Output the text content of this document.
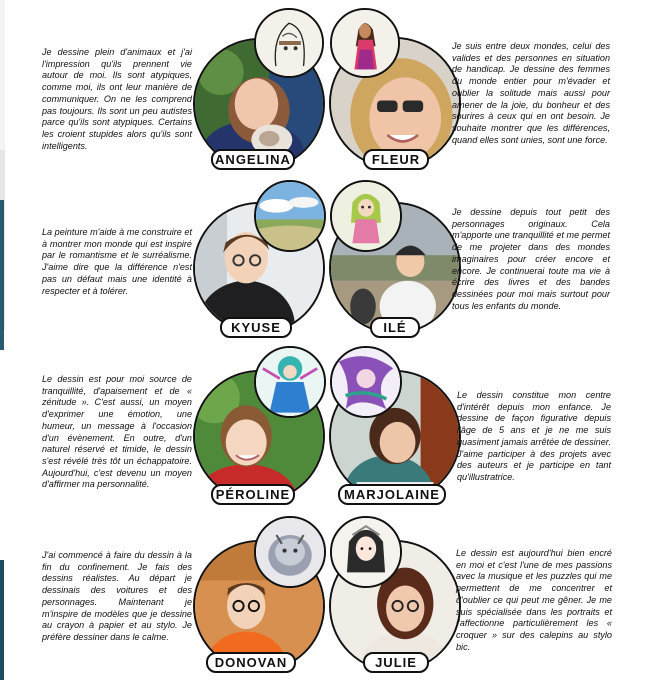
Je dessine plein d'animaux et j'ai l'impression qu'ils prennent vie autour de moi. Ils sont atypiques, comme moi, ils ont leur manière de communiquer. On ne les comprend pas toujours. Ils sont un peu autistes parce qu'ils sont atypiques. Certains les croient stupides alors qu'ils sont intelligents.

ANGELINA	FLEUR

Je suis entre deux mondes, celui des valides et des personnes en situation de handicap. Je dessine des femmes du monde entier pour m'évader et oublier la solitude mais aussi pour amener de la joie, du bonheur et des sourires à ceux qui en ont besoin. Je souhaite montrer que les différences, quand elles sont unies, sont une force.

La peinture m'aide à me construire et à montrer mon monde qui est inspiré par le romantisme et le surréalisme. J'aime dire que la différence n'est pas un défaut mais une identité à respecter et à tolérer.

KYUSE	ILÉ

Je dessine depuis tout petit des personnages originaux. Cela m'apporte une tranquillité et me permet de me projeter dans des mondes imaginaires pour créer encore et encore. Je continuerai toute ma vie à écrire des livres et des bandes dessinées pour moi mais surtout pour tous les enfants du monde.

Le dessin est pour moi source de tranquillité, d'apaisement et de « zénitude ». C'est aussi, un moyen d'exprimer une émotion, une humeur, un message à l'occasion d'un évènement. En outre, d'un naturel réservé et timide, le dessin s'est révélé très tôt un échappatoire. Aujourd'hui, c'est devenu un moyen d'affirmer ma personnalité.

PÉROLINE	MARJOLAINE

Le dessin constitue mon centre d'intérêt depuis mon enfance. Je dessine de façon figurative depuis l'âge de 5 ans et je ne me suis quasiment jamais arrêtée de dessiner. J'aime participer à des projets avec des auteurs et je participe en tant qu'illustratrice.

J'ai commencé à faire du dessin à la fin du confinement. Je fais des dessins réalistes. Au départ je dessinais des voitures et des personnages. Maintenant je m'inspire de modèles que je dessine au crayon à papier et au stylo. Je préfère dessiner dans le calme.

DONOVAN	JULIE

Le dessin est aujourd'hui bien encré en moi et c'est l'une de mes passions avec la musique et les puzzles qui me permettent de me concentrer et d'oublier ce qui peut me gêner. Je me suis spécialisée dans les portraits et j'affectionne particulièrement les « croquer » sur des calepins au stylo bic.
